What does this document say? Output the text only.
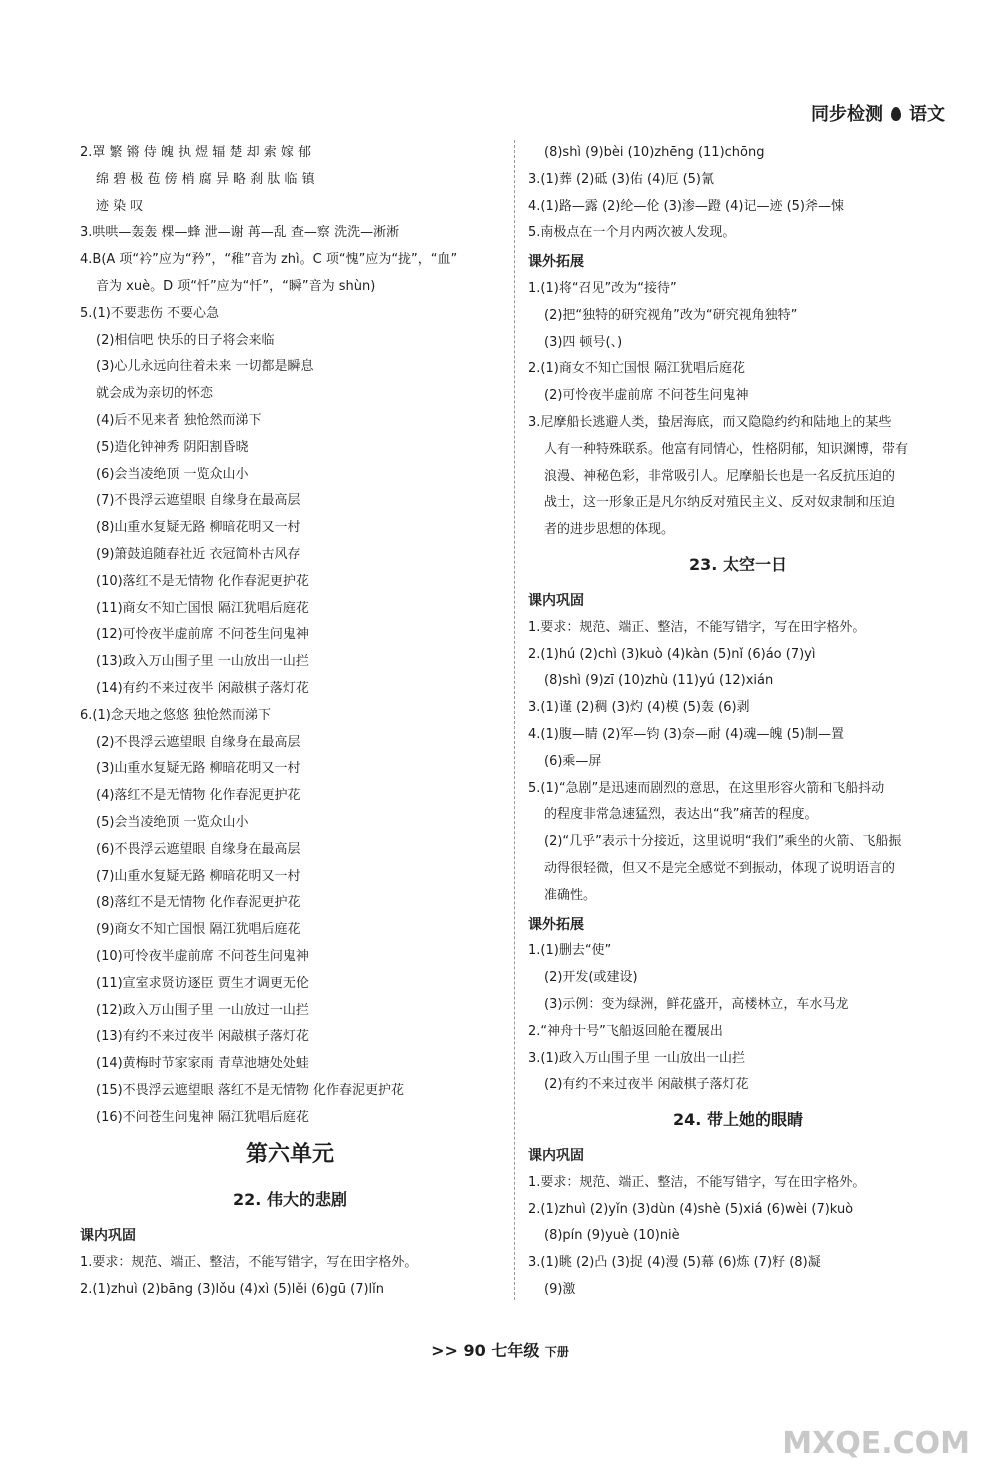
同步检测 语文
2.罩 繁 锵 侍 魄 执 煜 辐 楚 却 索 嫁 郁
绵 碧 极 苞 傍 梢 腐 异 略 刹 肽 临 镇
迹 染 叹
3.哄哄—轰轰 棵—蜂 泄—谢 苒—乱 查—察 洗洗—淅淅
4.B(A 项“衿”应为“矜”，“稚”音为 zhì。C 项“愧”应为“拢”，“血”
音为 xuè。D 项“忏”应为“忏”，“瞬”音为 shùn)
5.(1)不要悲伤 不要心急
(2)相信吧 快乐的日子将会来临
(3)心儿永远向往着未来 一切都是瞬息
就会成为亲切的怀恋
(4)后不见来者 独怆然而涕下
(5)造化钟神秀 阴阳割昏晓
(6)会当凌绝顶 一览众山小
(7)不畏浮云遮望眼 自缘身在最高层
(8)山重水复疑无路 柳暗花明又一村
(9)箫鼓追随春社近 衣冠简朴古风存
(10)落红不是无情物 化作春泥更护花
(11)商女不知亡国恨 隔江犹唱后庭花
(12)可怜夜半虚前席 不问苍生问鬼神
(13)政入万山围子里 一山放出一山拦
(14)有约不来过夜半 闲敲棋子落灯花
6.(1)念天地之悠悠 独怆然而涕下
(2)不畏浮云遮望眼 自缘身在最高层
(3)山重水复疑无路 柳暗花明又一村
(4)落红不是无情物 化作春泥更护花
(5)会当凌绝顶 一览众山小
(6)不畏浮云遮望眼 自缘身在最高层
(7)山重水复疑无路 柳暗花明又一村
(8)落红不是无情物 化作春泥更护花
(9)商女不知亡国恨 隔江犹唱后庭花
(10)可怜夜半虚前席 不问苍生问鬼神
(11)宣室求贤访逐臣 贾生才调更无伦
(12)政入万山围子里 一山放过一山拦
(13)有约不来过夜半 闲敲棋子落灯花
(14)黄梅时节家家雨 青草池塘处处蛙
(15)不畏浮云遮望眼 落红不是无情物 化作春泥更护花
(16)不问苍生问鬼神 隔江犹唱后庭花
第六单元
22. 伟大的悲剧
课内巩固
1.要求：规范、端正、整洁，不能写错字，写在田字格外。
2.(1)zhuì (2)bāng (3)lǒu (4)xì (5)lěi (6)gū (7)lǐn
(8)shì (9)bèi (10)zhēng (11)chōng
3.(1)葬 (2)砥 (3)佑 (4)厄 (5)氰
4.(1)路—露 (2)纶—伦 (3)渗—蹬 (4)记—迹 (5)斧—悚
5.南极点在一个月内两次被人发现。
课外拓展
1.(1)将“召见”改为“接待”
(2)把“独特的研究视角”改为“研究视角独特”
(3)四 顿号(、)
2.(1)商女不知亡国恨 隔江犹唱后庭花
(2)可怜夜半虚前席 不问苍生问鬼神
3.尼摩船长逃避人类，蛰居海底，而又隐隐约约和陆地上的某些
人有一种特殊联系。他富有同情心，性格阴郁，知识渊博，带有
浪漫、神秘色彩，非常吸引人。尼摩船长也是一名反抗压迫的
战士，这一形象正是凡尔纳反对殖民主义、反对奴隶制和压迫
者的进步思想的体现。
23. 太空一日
课内巩固
1.要求：规范、端正、整洁，不能写错字，写在田字格外。
2.(1)hú (2)chì (3)kuò (4)kàn (5)nǐ (6)áo (7)yì
(8)shì (9)zī (10)zhù (11)yú (12)xián
3.(1)谨 (2)稠 (3)灼 (4)模 (5)轰 (6)剥
4.(1)腹—睛 (2)军—钧 (3)奈—耐 (4)魂—魄 (5)制—置
(6)乘—屏
5.(1)“急剧”是迅速而剧烈的意思，在这里形容火箭和飞船抖动
的程度非常急速猛烈，表达出“我”痛苦的程度。
(2)“几乎”表示十分接近，这里说明“我们”乘坐的火箭、飞船振
动得很轻微，但又不是完全感觉不到振动，体现了说明语言的
准确性。
课外拓展
1.(1)删去“使”
(2)开发(或建设)
(3)示例：变为绿洲，鲜花盛开，高楼林立，车水马龙
2.“神舟十号”飞船返回舱在覆展出
3.(1)政入万山围子里 一山放出一山拦
(2)有约不来过夜半 闲敲棋子落灯花
24. 带上她的眼睛
课内巩固
1.要求：规范、端正、整洁，不能写错字，写在田字格外。
2.(1)zhuì (2)yǐn (3)dùn (4)shè (5)xiá (6)wèi (7)kuò
(8)pín (9)yuè (10)niè
3.(1)眺 (2)凸 (3)捉 (4)漫 (5)幕 (6)炼 (7)籽 (8)凝
(9)激
>> 90 七年级 下册
MXQE.COM
